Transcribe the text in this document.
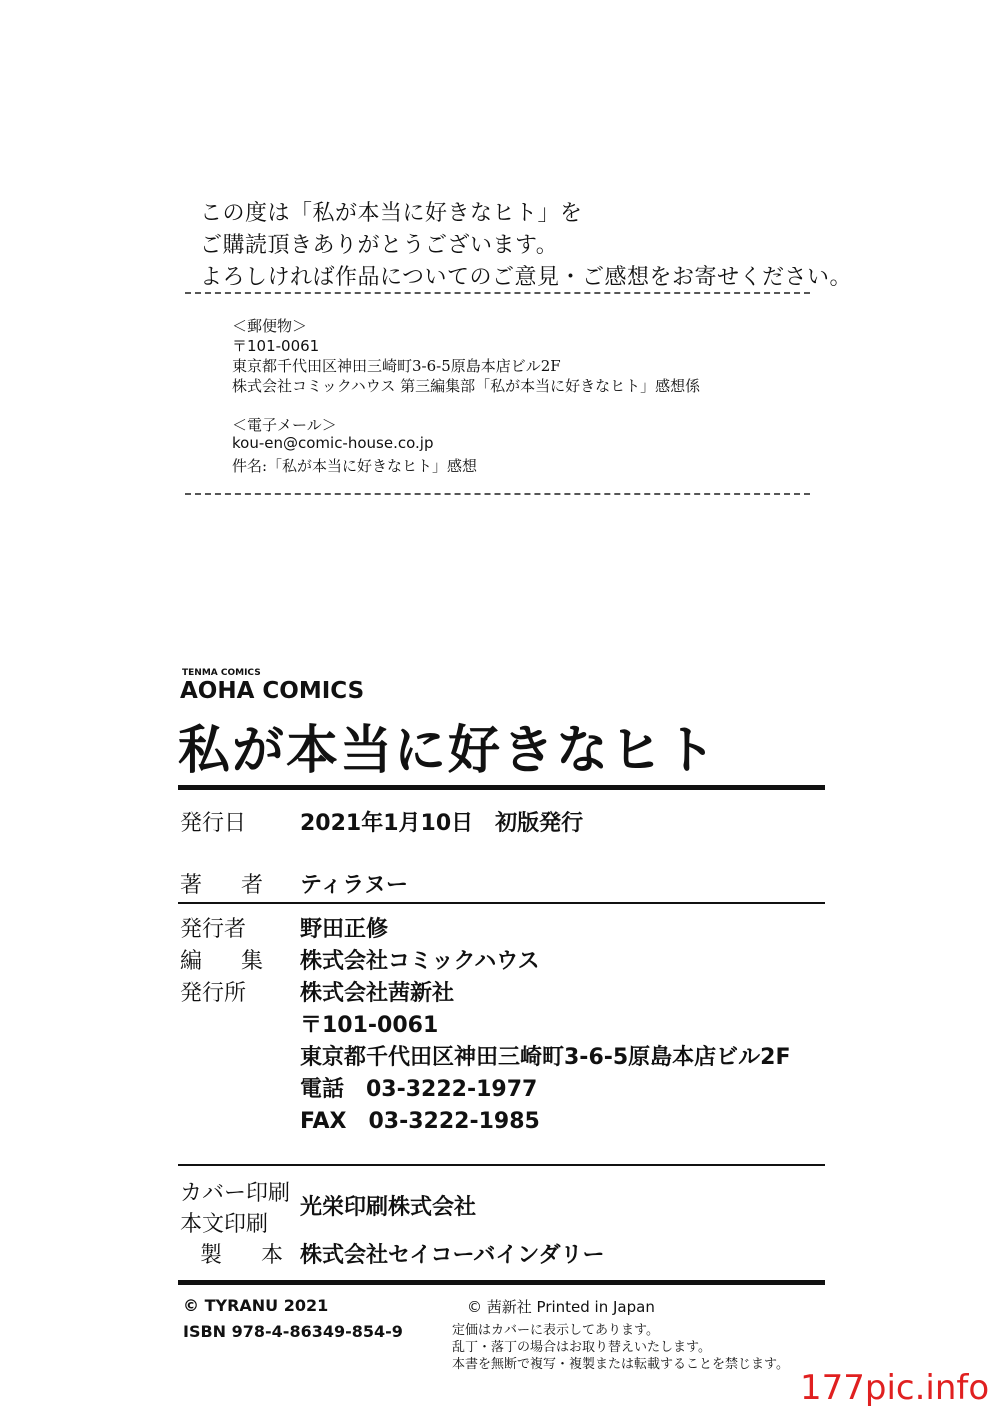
この度は「私が本当に好きなヒト」を
ご購読頂きありがとうございます。
よろしければ作品についてのご意見・ご感想をお寄せください。
＜郵便物＞
〒101-0061
東京都千代田区神田三崎町3-6-5原島本店ビル2F
株式会社コミックハウス 第三編集部「私が本当に好きなヒト」感想係
＜電子メール＞
kou-en@comic-house.co.jp
件名:「私が本当に好きなヒト」感想
TENMA COMICS
AOHA COMICS
私が本当に好きなヒト
発行日 2021年1月10日　初版発行
著 者 ティラヌー
発行者 野田正修
編 集 株式会社コミックハウス
発行所 株式会社茜新社
〒101-0061
東京都千代田区神田三崎町3-6-5原島本店ビル2F
電話　03-3222-1977
FAX　03-3222-1985
カバー印刷
本文印刷
光栄印刷株式会社
製 本 株式会社セイコーバインダリー
© TYRANU 2021
ISBN 978-4-86349-854-9
© 茜新社 Printed in Japan
定価はカバーに表示してあります。
乱丁・落丁の場合はお取り替えいたします。
本書を無断で複写・複製または転載することを禁じます。
177pic.info
